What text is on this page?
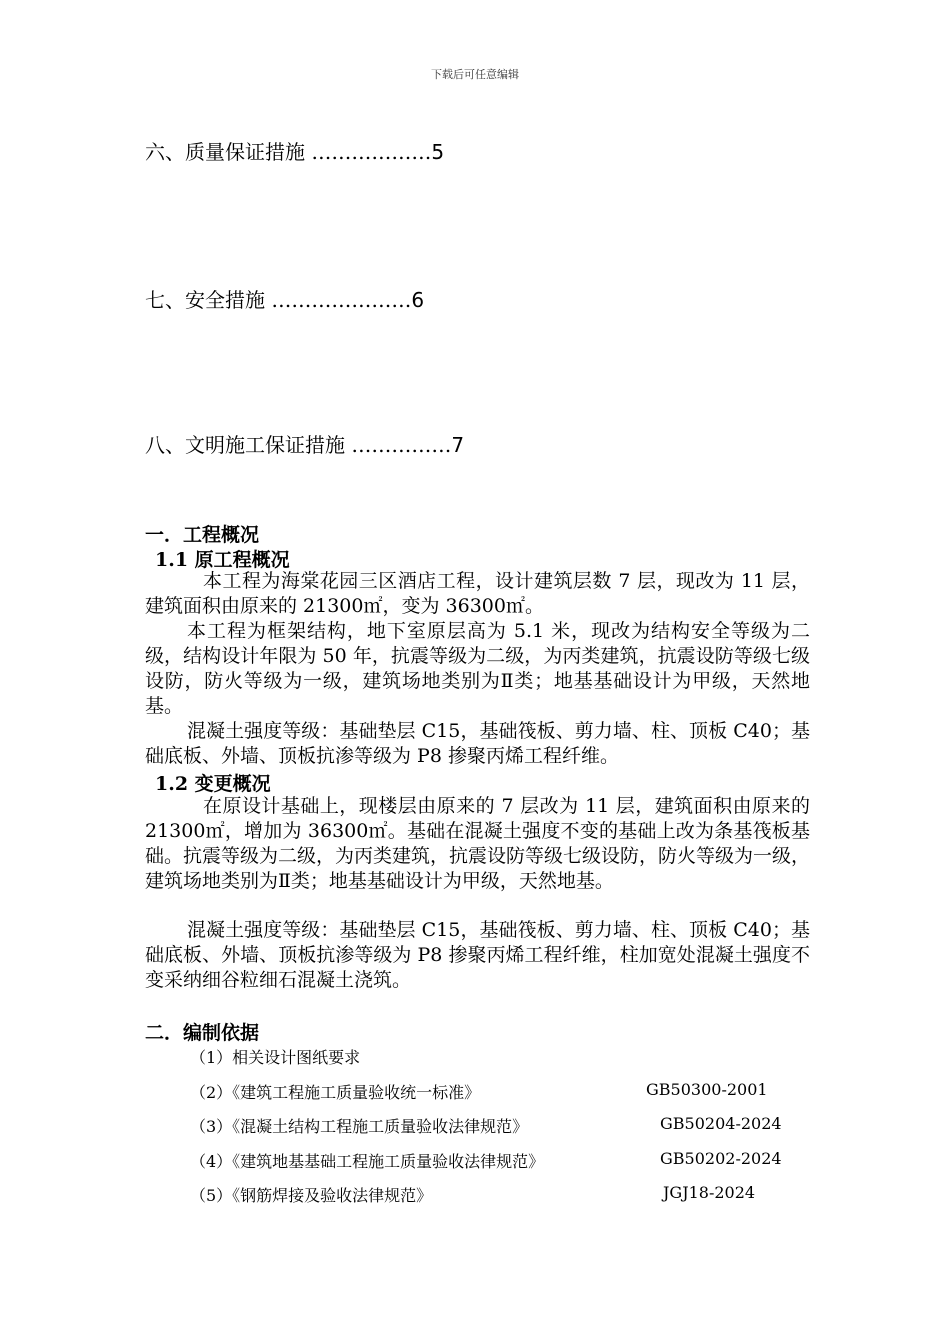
下载后可任意编辑
六、质量保证措施 ………………5
七、安全措施 …………………6
八、文明施工保证措施 ……………7
一．工程概况
1.1 原工程概况
本工程为海棠花园三区酒店工程，设计建筑层数 7 层，现改为 11 层，建筑面积由原来的 21300㎡，变为 36300㎡。
本工程为框架结构，地下室原层高为 5.1 米，现改为结构安全等级为二级，结构设计年限为 50 年，抗震等级为二级，为丙类建筑，抗震设防等级七级设防，防火等级为一级，建筑场地类别为Ⅱ类；地基基础设计为甲级，天然地基。
混凝土强度等级：基础垫层 C15，基础筏板、剪力墙、柱、顶板 C40；基础底板、外墙、顶板抗渗等级为 P8 掺聚丙烯工程纤维。
1.2 变更概况
在原设计基础上，现楼层由原来的 7 层改为 11 层，建筑面积由原来的 21300㎡，增加为 36300㎡。基础在混凝土强度不变的基础上改为条基筏板基础。抗震等级为二级，为丙类建筑，抗震设防等级七级设防，防火等级为一级，建筑场地类别为Ⅱ类；地基基础设计为甲级，天然地基。
混凝土强度等级：基础垫层 C15，基础筏板、剪力墙、柱、顶板 C40；基础底板、外墙、顶板抗渗等级为 P8 掺聚丙烯工程纤维，柱加宽处混凝土强度不变采纳细谷粒细石混凝土浇筑。
二．编制依据
（1）相关设计图纸要求
（2）《建筑工程施工质量验收统一标准》	GB50300-2001
（3）《混凝土结构工程施工质量验收法律规范》	GB50204-2024
（4）《建筑地基基础工程施工质量验收法律规范》	GB50202-2024
（5）《钢筋焊接及验收法律规范》	JGJ18-2024
